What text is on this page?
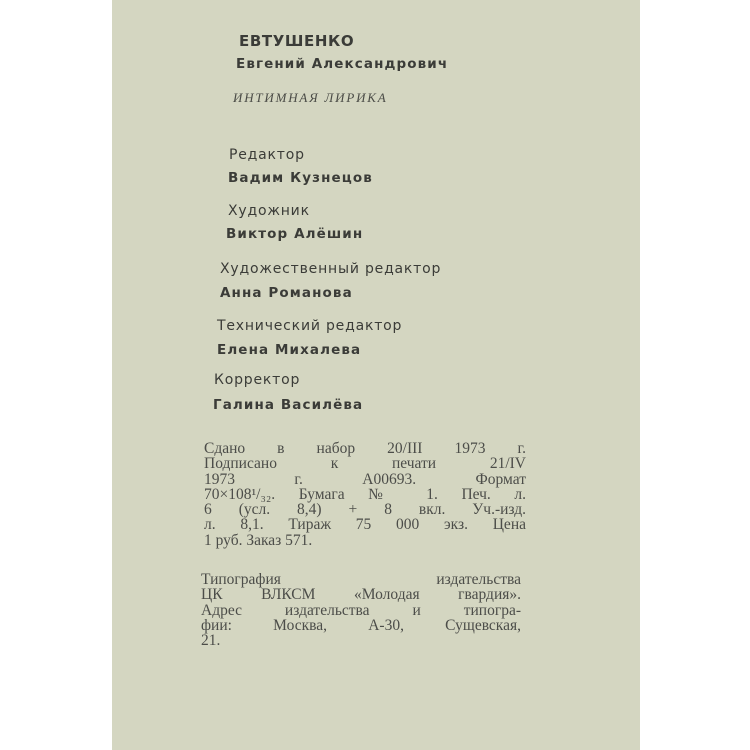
ЕВТУШЕНКО
Евгений Александрович
ИНТИМНАЯ ЛИРИКА
Редактор
Вадим Кузнецов
Художник
Виктор Алёшин
Художественный редактор
Анна Романова
Технический редактор
Елена Михалева
Корректор
Галина Василёва
Сдано в набор 20/III 1973 г.
Подписано к печати 21/IV
1973 г. А00693. Формат
70×108¹/₃₂. Бумага № 1. Печ. л.
6 (усл. 8,4) + 8 вкл. Уч.-изд.
л. 8,1. Тираж 75 000 экз. Цена
1 руб. Заказ 571.
Типография издательства
ЦК ВЛКСМ «Молодая гвардия».
Адрес издательства и типогра-
фии: Москва, А-30, Сущевская,
21.
